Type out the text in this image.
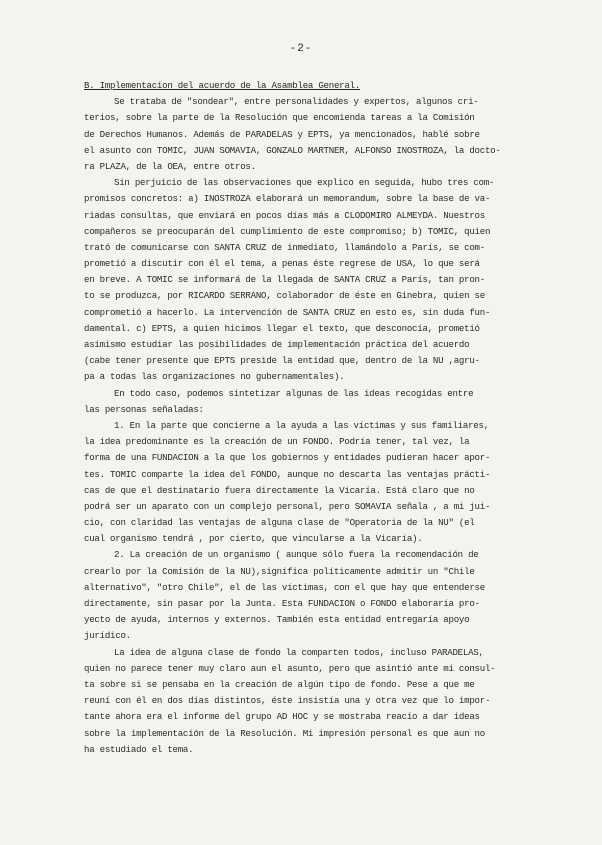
-2-
B. Implementacion del acuerdo de la Asamblea General.
Se trataba de "sondear", entre personalidades y expertos, algunos cri-
terios, sobre la parte de la Resolución que encomienda tareas a la Comisión
de Derechos Humanos. Además de PARADELAS y EPTS, ya mencionados, hablé sobre
el asunto con TOMIC, JUAN SOMAVIA, GONZALO MARTNER, ALFONSO INOSTROZA, la docto-
ra PLAZA, de la OEA, entre otros.
Sin perjuicio de las observaciones que explico en seguida, hubo tres com-
promisos concretos: a) INOSTROZA elaborará un memorandum, sobre la base de va-
riadas consultas, que enviará en pocos días más a CLODOMIRO ALMEYDA. Nuestros
compañeros se preocuparán del cumplimiento de este compromiso; b) TOMIC, quien
trató de comunicarse con SANTA CRUZ de inmediato, llamándolo a París, se com-
prometió a discutir con él el tema, a penas éste regrese de USA, lo que será
en breve. A TOMIC se informará de la llegada de SANTA CRUZ a París, tan pron-
to se produzca, por RICARDO SERRANO, colaborador de éste en Ginebra, quien se
comprometió a hacerlo. La intervención de SANTA CRUZ en esto es, sin duda fun-
damental. c) EPTS, a quien hicimos llegar el texto, que desconocía, prometió
asimismo estudiar las posibilidades de implementación práctica del acuerdo
(cabe tener presente que EPTS preside la entidad que, dentro de la NU ,agru-
pa a todas las organizaciones no gubernamentales).
En todo caso, podemos sintetizar algunas de las ideas recogidas entre
las personas señaladas:
1. En la parte que concierne a la ayuda a las víctimas y sus familiares,
la idea predominante es la creación de un FONDO. Podría tener, tal vez, la
forma de una FUNDACION a la que los gobiernos y entidades pudieran hacer apor-
tes. TOMIC comparte la idea del FONDO, aunque no descarta las ventajas prácti-
cas de que el destinatario fuera directamente la Vicaría. Está claro que no
podrá ser un aparato con un complejo personal, pero SOMAVIA señala , a mi jui-
cio, con claridad las ventajas de alguna clase de "Operatoria de la NU" (el
cual organismo tendrá , por cierto, que vincularse a la Vicaría).
2. La creación de un organismo ( aunque sólo fuera la recomendación de
crearlo por la Comisión de la NU),significa políticamente admitir un "Chile
alternativo", "otro Chile", el de las víctimas, con el que hay que entenderse
directamente, sin pasar por la Junta. Esta FUNDACION o FONDO elaboraría pro-
yecto de ayuda, internos y externos. También esta entidad entregaría apoyo
jurídico.
La idea de alguna clase de fondo la comparten todos, incluso PARADELAS,
quien no parece tener muy claro aun el asunto, pero que asintió ante mi consul-
ta sobre si se pensaba en la creación de algún tipo de fondo. Pese a que me
reuní con él en dos días distintos, éste insistía una y otra vez que lo impor-
tante ahora era el informe del grupo AD HOC y se mostraba reacio a dar ideas
sobre la implementación de la Resolución. Mi impresión personal es que aun no
ha estudiado el tema.
